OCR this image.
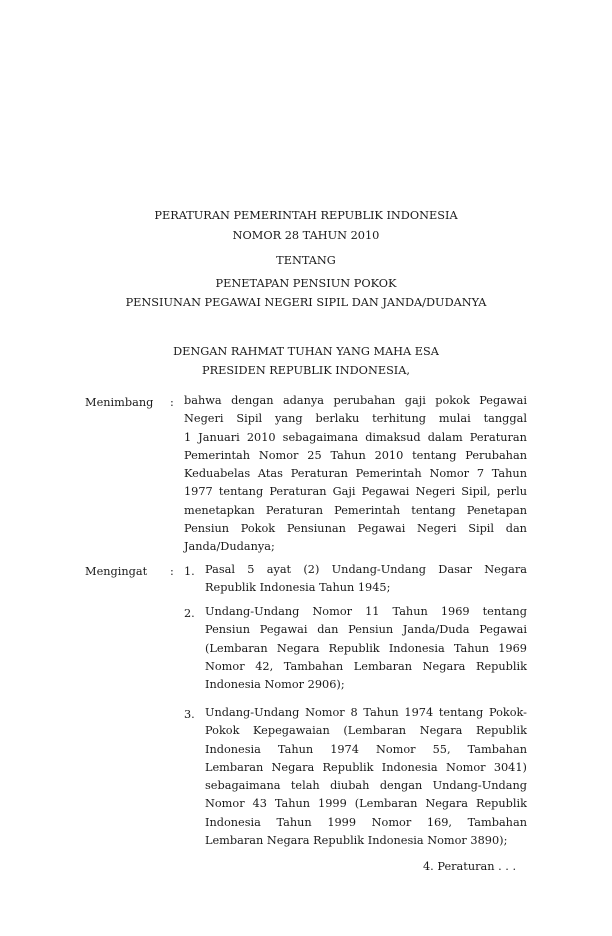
PERATURAN PEMERINTAH REPUBLIK INDONESIA
NOMOR 28 TAHUN 2010
TENTANG
PENETAPAN PENSIUN POKOK
PENSIUNAN PEGAWAI NEGERI SIPIL DAN JANDA/DUDANYA
DENGAN RAHMAT TUHAN YANG MAHA ESA
PRESIDEN REPUBLIK INDONESIA,
Menimbang : bahwa dengan adanya perubahan gaji pokok Pegawai
Negeri Sipil yang berlaku terhitung mulai tanggal
1 Januari 2010 sebagaimana dimaksud dalam Peraturan
Pemerintah Nomor 25 Tahun 2010 tentang Perubahan
Keduabelas Atas Peraturan Pemerintah Nomor 7 Tahun
1977 tentang Peraturan Gaji Pegawai Negeri Sipil, perlu
menetapkan Peraturan Pemerintah tentang Penetapan
Pensiun Pokok Pensiunan Pegawai Negeri Sipil dan
Janda/Dudanya;
Mengingat : 1. Pasal 5 ayat (2) Undang-Undang Dasar Negara
Republik Indonesia Tahun 1945;
2. Undang-Undang Nomor 11 Tahun 1969 tentang
Pensiun Pegawai dan Pensiun Janda/Duda Pegawai
(Lembaran Negara Republik Indonesia Tahun 1969
Nomor 42, Tambahan Lembaran Negara Republik
Indonesia Nomor 2906);
3. Undang-Undang Nomor 8 Tahun 1974 tentang Pokok-
Pokok Kepegawaian (Lembaran Negara Republik
Indonesia Tahun 1974 Nomor 55, Tambahan
Lembaran Negara Republik Indonesia Nomor 3041)
sebagaimana telah diubah dengan Undang-Undang
Nomor 43 Tahun 1999 (Lembaran Negara Republik
Indonesia Tahun 1999 Nomor 169, Tambahan
Lembaran Negara Republik Indonesia Nomor 3890);
4. Peraturan . . .
